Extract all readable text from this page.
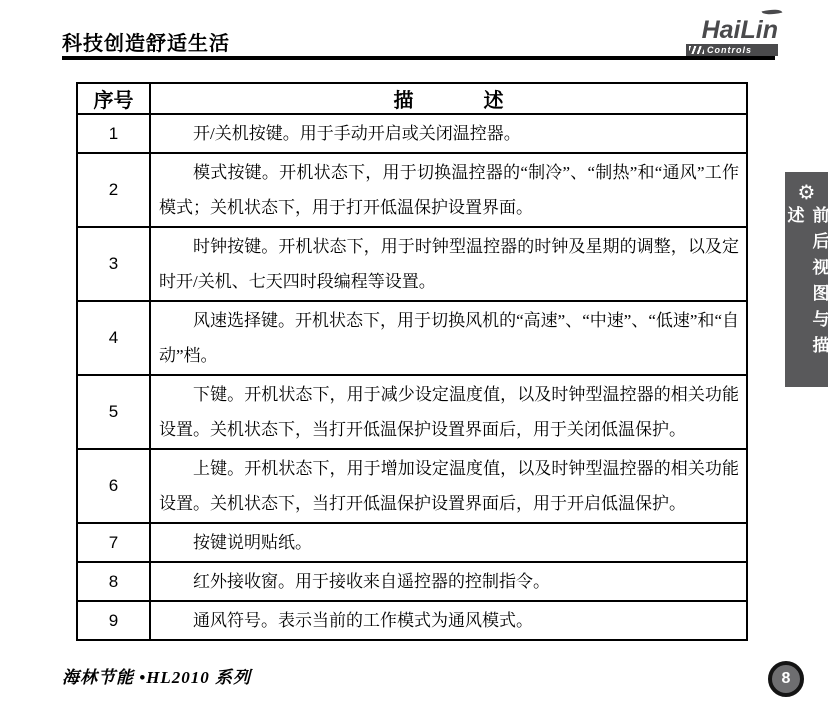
科技创造舒适生活	HaiLin
Controls
序号	描 述
1	开/关机按键。用于手动开启或关闭温控器。

2	模式按键。开机状态下，用于切换温控器的“制冷”、“制热”和“通风”工作模式；关机状态下，用于打开低温保护设置界面。

3	时钟按键。开机状态下，用于时钟型温控器的时钟及星期的调整，以及定时开/关机、七天四时段编程等设置。

4	风速选择键。开机状态下，用于切换风机的“高速”、“中速”、“低速”和“自动”档。

5	下键。开机状态下，用于减少设定温度值，以及时钟型温控器的相关功能设置。关机状态下，当打开低温保护设置界面后，用于关闭低温保护。

6	上键。开机状态下，用于增加设定温度值，以及时钟型温控器的相关功能设置。关机状态下，当打开低温保护设置界面后，用于开启低温保护。

7	按键说明贴纸。

8	红外接收窗。用于接收来自遥控器的控制指令。

9	通风符号。表示当前的工作模式为通风模式。

⚙
前后视图与描述
海林节能 •HL2010 系列	8
